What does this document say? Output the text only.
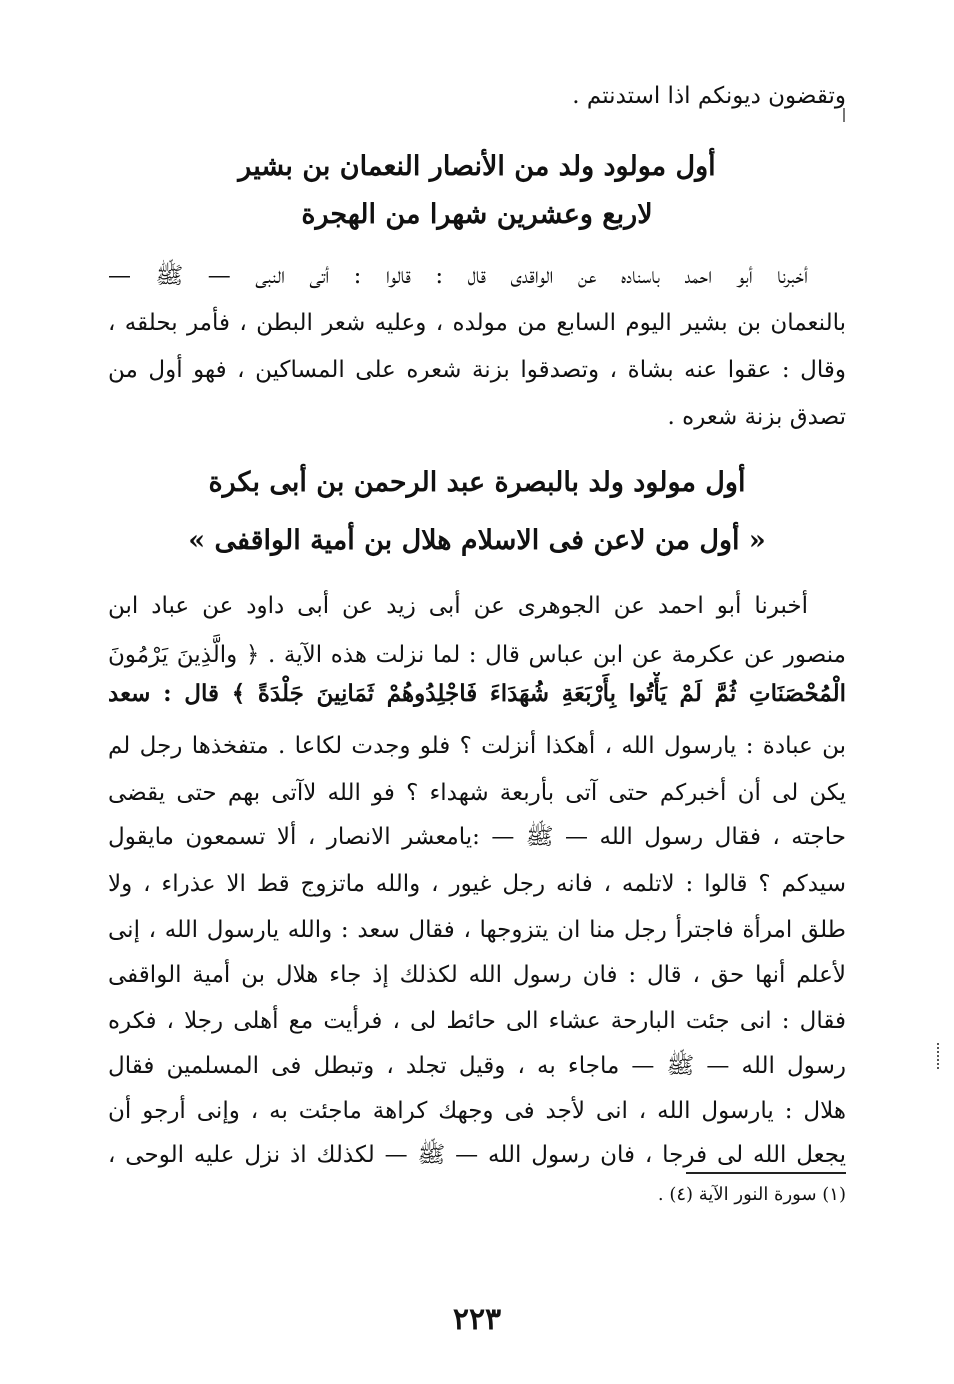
وتقضون ديونكم اذا استدنتم .
أول مولود ولد من الأنصار النعمان بن بشير
لاربع وعشرين شهرا من الهجرة
أخبرنا أبو احمد باسناده عن الواقدى قال : قالوا : أتى النبى — ﷺ —
بالنعمان بن بشير اليوم السابع من مولده ، وعليه شعر البطن ، فأمر بحلقه ،
وقال : عقوا عنه بشاة ، وتصدقوا بزنة شعره على المساكين ، فهو أول من
تصدق بزنة شعره .
أول مولود ولد بالبصرة عبد الرحمن بن أبى بكرة
« أول من لاعن فى الاسلام هلال بن أمية الواقفى »
أخبرنا أبو احمد عن الجوهرى عن أبى زيد عن أبى داود عن عباد ابن
منصور عن عكرمة عن ابن عباس قال : لما نزلت هذه الآية . ﴿ والَّذِينَ يَرْمُونَ
الْمُحْصَنَاتِ ثُمَّ لَمْ يَأْتُوا بِأَرْبَعَةِ شُهَدَاءَ فَاجْلِدُوهُمْ ثَمَانِينَ جَلْدَةً ﴾ قال : سعد
بن عبادة : يارسول الله ، أهكذا أنزلت ؟ فلو وجدت لكاعا . متفخذها رجل لم
يكن لى أن أخبركم حتى آتى بأربعة شهداء ؟ فو الله لاآتى بهم حتى يقضى
حاجته ، فقال رسول الله — ﷺ — :يامعشر الانصار ، ألا تسمعون مايقول
سيدكم ؟ قالوا : لاتلمه ، فانه رجل غيور ، والله ماتزوج قط الا عذراء ، ولا
طلق امرأة فاجترأ رجل منا ان يتزوجها ، فقال سعد : والله يارسول الله ، إنى
لأعلم أنها حق ، قال : فان رسول الله لكذلك إذ جاء هلال بن أمية الواقفى
فقال : انى جئت البارحة عشاء الى حائط لى ، فرأيت مع أهلى رجلا ، فكره
رسول الله — ﷺ — ماجاء به ، وقيل تجلد ، وتبطل فى المسلمين فقال
هلال : يارسول الله ، انى لأجد فى وجهك كراهة ماجئت به ، وإنى أرجو أن
يجعل الله لى فرجا ، فان رسول الله — ﷺ — لكذلك اذ نزل عليه الوحى ،
(١) سورة النور الآية (٤) .
٢٢٣
